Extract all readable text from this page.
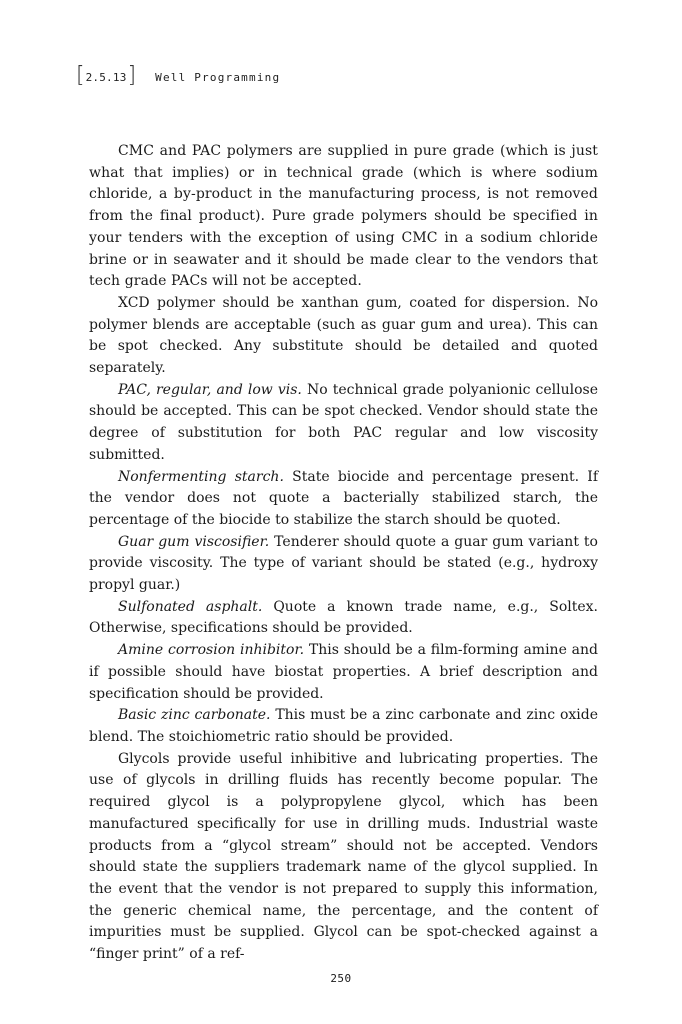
[ 2.5.13 ] Well Programming

CMC and PAC polymers are supplied in pure grade (which is just what that implies) or in technical grade (which is where sodium chloride, a by-product in the manufacturing process, is not removed from the final product). Pure grade polymers should be specified in your tenders with the exception of using CMC in a sodium chloride brine or in seawater and it should be made clear to the vendors that tech grade PACs will not be accepted.

XCD polymer should be xanthan gum, coated for dispersion. No polymer blends are acceptable (such as guar gum and urea). This can be spot checked. Any substitute should be detailed and quoted separately.

PAC, regular, and low vis. No technical grade polyanionic cellulose should be accepted. This can be spot checked. Vendor should state the degree of substitution for both PAC regular and low viscosity submitted.

Nonfermenting starch. State biocide and percentage present. If the vendor does not quote a bacterially stabilized starch, the percentage of the biocide to stabilize the starch should be quoted.

Guar gum viscosifier. Tenderer should quote a guar gum variant to provide viscosity. The type of variant should be stated (e.g., hydroxy propyl guar.)

Sulfonated asphalt. Quote a known trade name, e.g., Soltex. Otherwise, specifications should be provided.

Amine corrosion inhibitor. This should be a film-forming amine and if possible should have biostat properties. A brief description and specification should be provided.

Basic zinc carbonate. This must be a zinc carbonate and zinc oxide blend. The stoichiometric ratio should be provided.

Glycols provide useful inhibitive and lubricating properties. The use of glycols in drilling fluids has recently become popular. The required glycol is a polypropylene glycol, which has been manufactured specifically for use in drilling muds. Industrial waste products from a “glycol stream” should not be accepted. Vendors should state the suppliers trademark name of the glycol supplied. In the event that the vendor is not prepared to supply this information, the generic chemical name, the percentage, and the content of impurities must be supplied. Glycol can be spot-checked against a “finger print” of a ref-

250
